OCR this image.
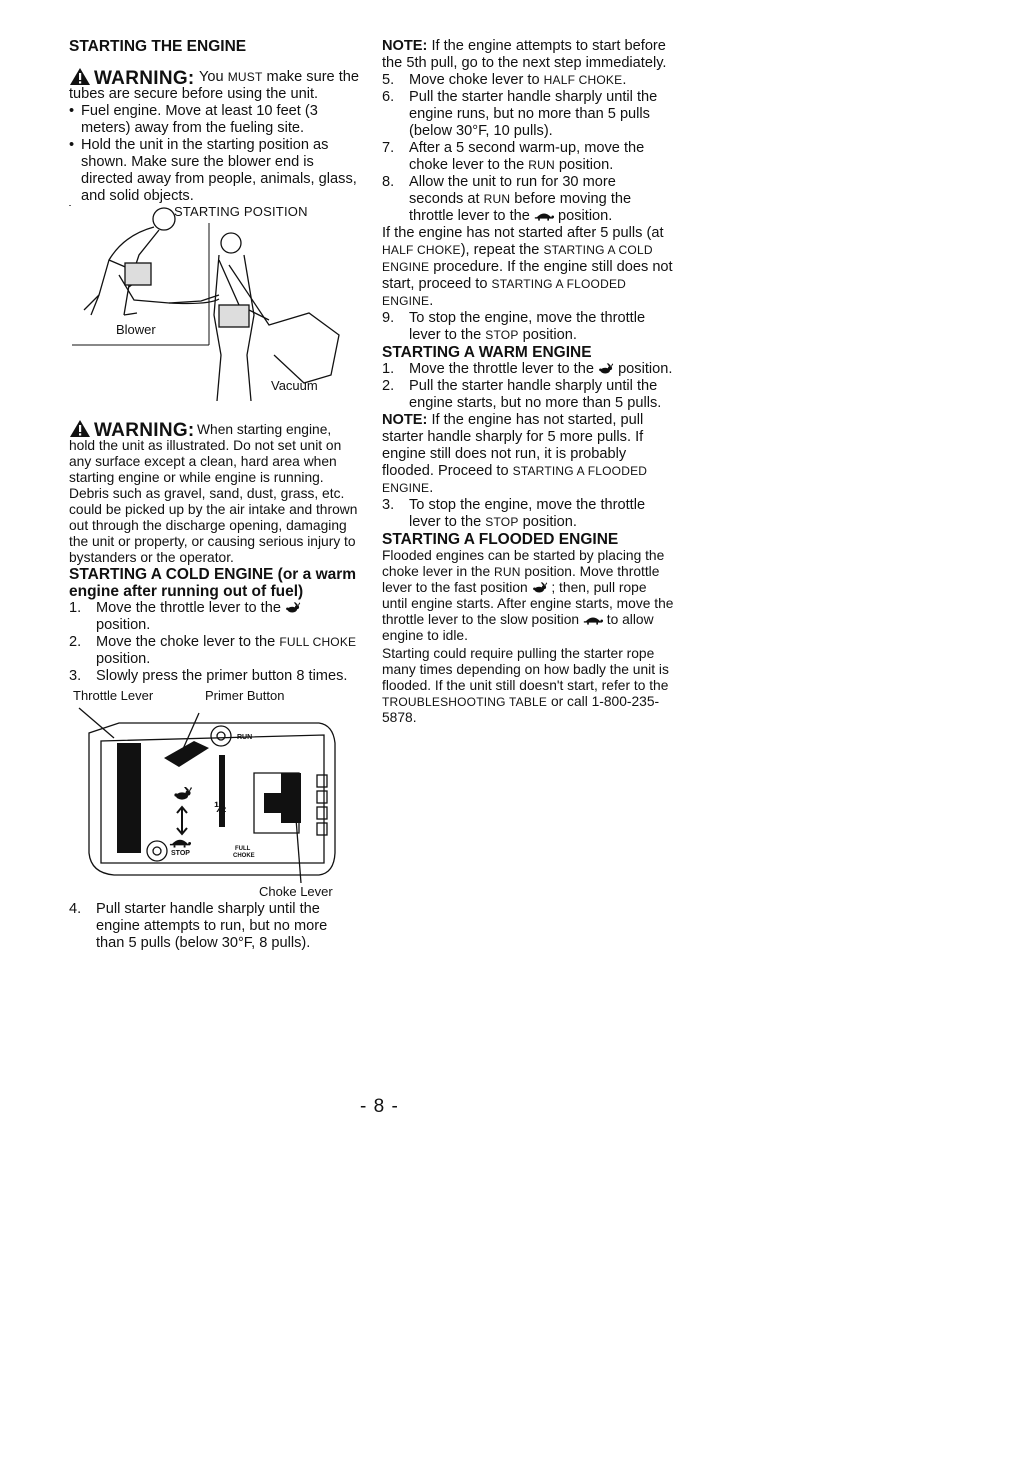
STARTING THE ENGINE
WARNING: You MUST make sure the tubes are secure before using the unit.

• Fuel engine. Move at least 10 feet (3 meters) away from the fueling site.
• Hold the unit in the starting position as shown. Make sure the blower end is directed away from people, animals, glass, and solid objects.
STARTING POSITION
Blower
Vacuum
WARNING: When starting engine, hold the unit as illustrated. Do not set unit on any surface except a clean, hard area when starting engine or while engine is running. Debris such as gravel, sand, dust, grass, etc. could be picked up by the air intake and thrown out through the discharge opening, damaging the unit or property, or causing serious injury to bystanders or the operator.

STARTING A COLD ENGINE (or a warm engine after running out of fuel)
1. Move the throttle lever to the  position.
2. Move the choke lever to the FULL CHOKE position.
3. Slowly press the primer button 8 times.
Throttle Lever	Primer Button
RUN
½
STOP
FULL
CHOKE
Choke Lever
4. Pull starter handle sharply until the engine attempts to run, but no more than 5 pulls (below 30°F, 8 pulls).

NOTE: If the engine attempts to start before the 5th pull, go to the next step immediately.

5. Move choke lever to HALF CHOKE.
6. Pull the starter handle sharply until the engine runs, but no more than 5 pulls (below 30°F, 10 pulls).
7. After a 5 second warm-up, move the choke lever to the RUN position.
8. Allow the unit to run for 30 more seconds at RUN before moving the throttle lever to the  position.

If the engine has not started after 5 pulls (at HALF CHOKE), repeat the STARTING A COLD ENGINE procedure. If the engine still does not start, proceed to STARTING A FLOODED ENGINE.

9. To stop the engine, move the throttle lever to the STOP position.
STARTING A WARM ENGINE
1. Move the throttle lever to the  position.
2. Pull the starter handle sharply until the engine starts, but no more than 5 pulls.

NOTE: If the engine has not started, pull starter handle sharply for 5 more pulls. If engine still does not run, it is probably flooded. Proceed to STARTING A FLOODED ENGINE.

3. To stop the engine, move the throttle lever to the STOP position.
STARTING A FLOODED ENGINE

Flooded engines can be started by placing the choke lever in the RUN position. Move throttle lever to the fast position  ; then, pull rope until engine starts. After engine starts, move the throttle lever to the slow position  to allow engine to idle.

Starting could require pulling the starter rope many times depending on how badly the unit is flooded. If the unit still doesn't start, refer to the TROUBLESHOOTING TABLE or call 1-800-235-5878.

- 8 -
